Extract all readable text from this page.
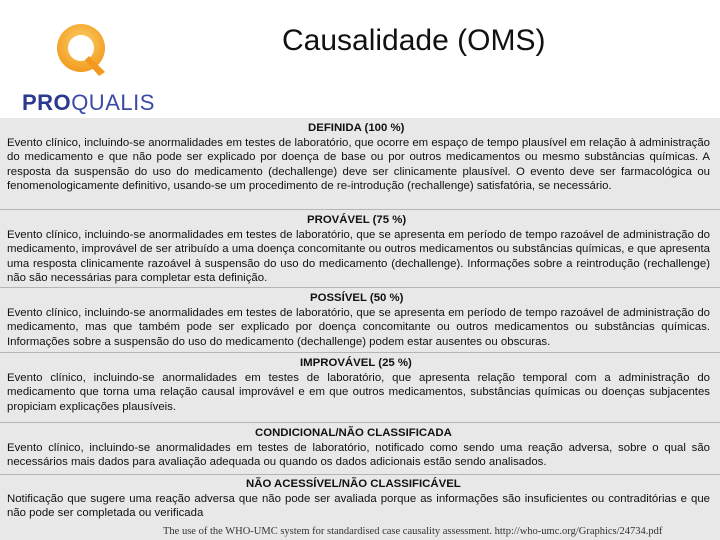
PROQUALIS
Causalidade (OMS)
DEFINIDA (100 %)
Evento clínico, incluindo-se anormalidades em testes de laboratório, que ocorre em espaço de tempo plausível em relação à administração do medicamento e que não pode ser explicado por doença de base ou por outros medicamentos ou mesmo substâncias químicas. A resposta da suspensão do uso do medicamento (dechallenge) deve ser clinicamente plausível. O evento deve ser farmacológica ou fenomenologicamente definitivo, usando-se um procedimento de re-introdução (rechallenge) satisfatória, se necessário.
PROVÁVEL (75 %)
Evento clínico, incluindo-se anormalidades em testes de laboratório, que se apresenta em período de tempo razoável de administração do medicamento, improvável de ser atribuído a uma doença concomitante ou outros medicamentos ou substâncias químicas, e que apresenta uma resposta clinicamente razoável à suspensão do uso do medicamento (dechallenge). Informações sobre a reintrodução (rechallenge) não são necessárias para completar esta definição.
POSSÍVEL (50 %)
Evento clínico, incluindo-se anormalidades em testes de laboratório, que se apresenta em período de tempo razoável de administração do medicamento, mas que também pode ser explicado por doença concomitante ou outros medicamentos ou substâncias químicas. Informações sobre a suspensão do uso do medicamento (dechallenge) podem estar ausentes ou obscuras.
IMPROVÁVEL (25 %)
Evento clínico, incluindo-se anormalidades em testes de laboratório, que apresenta relação temporal com a administração do medicamento que torna uma relação causal improvável e em que outros medicamentos, substâncias químicas ou doenças subjacentes propiciam explicações plausíveis.
CONDICIONAL/NÃO CLASSIFICADA
Evento clínico, incluindo-se anormalidades em testes de laboratório, notificado como sendo uma reação adversa, sobre o qual são necessários mais dados para avaliação adequada ou quando os dados adicionais estão sendo analisados.
NÃO ACESSÍVEL/NÃO CLASSIFICÁVEL
Notificação que sugere uma reação adversa que não pode ser avaliada porque as informações são insuficientes ou contraditórias e que não pode ser completada ou verificada
The use of the WHO-UMC system for standardised case causality assessment. http://who-umc.org/Graphics/24734.pdf
